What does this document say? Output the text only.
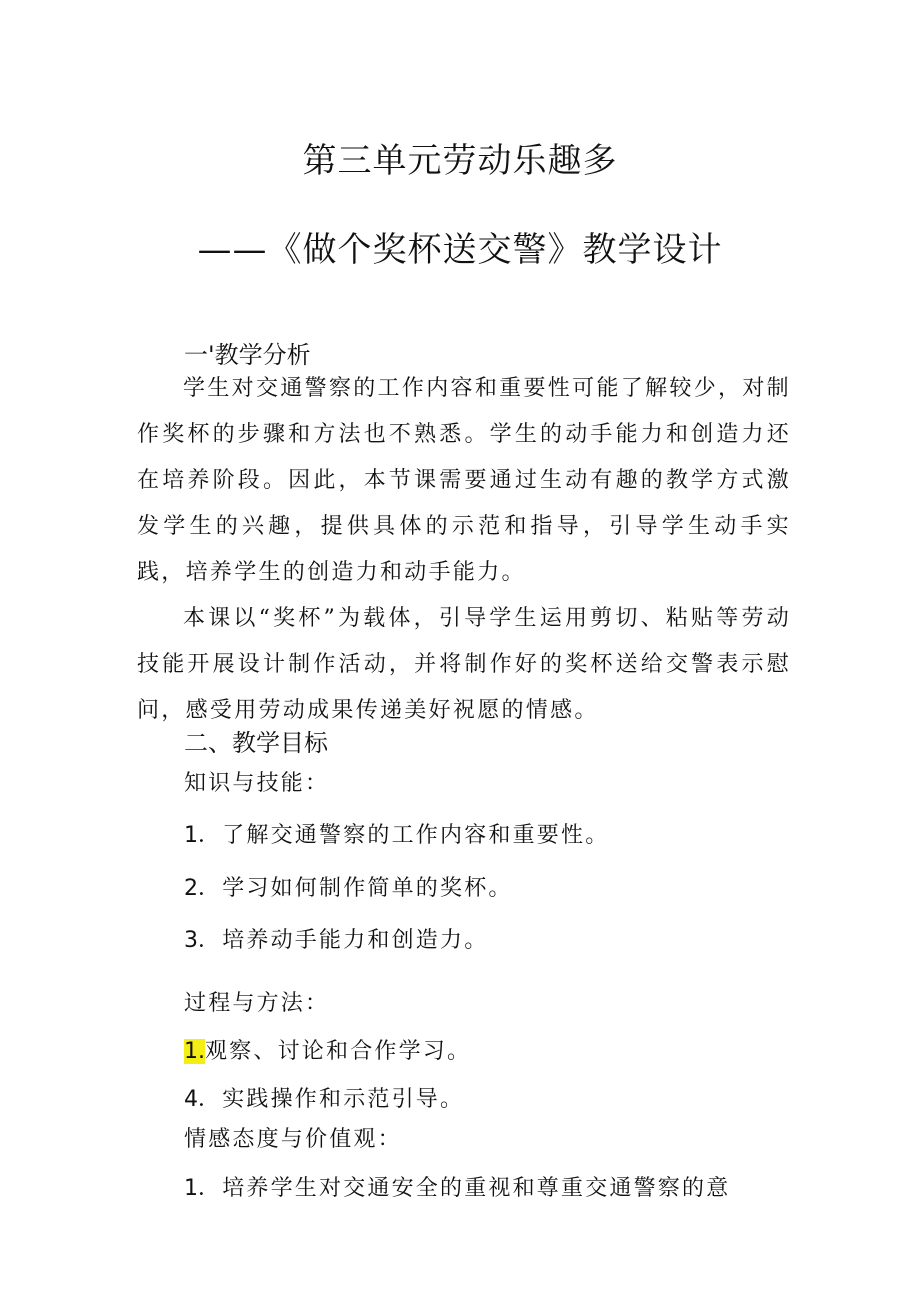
第三单元劳动乐趣多
——《做个奖杯送交警》教学设计
一'教学分析
学生对交通警察的工作内容和重要性可能了解较少，对制作奖杯的步骤和方法也不熟悉。学生的动手能力和创造力还在培养阶段。因此，本节课需要通过生动有趣的教学方式激发学生的兴趣，提供具体的示范和指导，引导学生动手实践，培养学生的创造力和动手能力。
本课以“奖杯”为载体，引导学生运用剪切、粘贴等劳动技能开展设计制作活动，并将制作好的奖杯送给交警表示慰问，感受用劳动成果传递美好祝愿的情感。
二、教学目标
知识与技能：
1．了解交通警察的工作内容和重要性。
2．学习如何制作简单的奖杯。
3．培养动手能力和创造力。
过程与方法：
1.观察、讨论和合作学习。
4．实践操作和示范引导。
情感态度与价值观：
1．培养学生对交通安全的重视和尊重交通警察的意
